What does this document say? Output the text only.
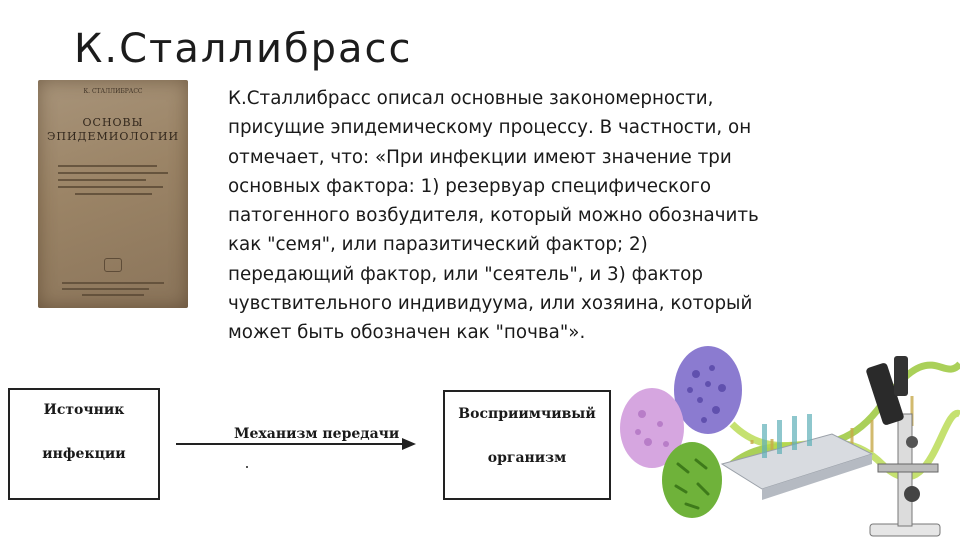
К.Сталлибрасс
К. СТАЛЛИБРАСС
ОСНОВЫ
ЭПИДЕМИОЛОГИИ
К.Сталлибрасс описал основные закономерности,
присущие эпидемическому процессу. В частности, он
отмечает, что: «При инфекции имеют значение три
основных фактора: 1) резервуар специфического
патогенного возбудителя, который можно обозначить
как "семя", или паразитический фактор; 2)
передающий фактор, или "сеятель", и 3) фактор
чувствительного индивидуума, или хозяина, который
может быть обозначен как "почва"».
Источник
инфекции
Механизм передачи
Восприимчивый
организм
